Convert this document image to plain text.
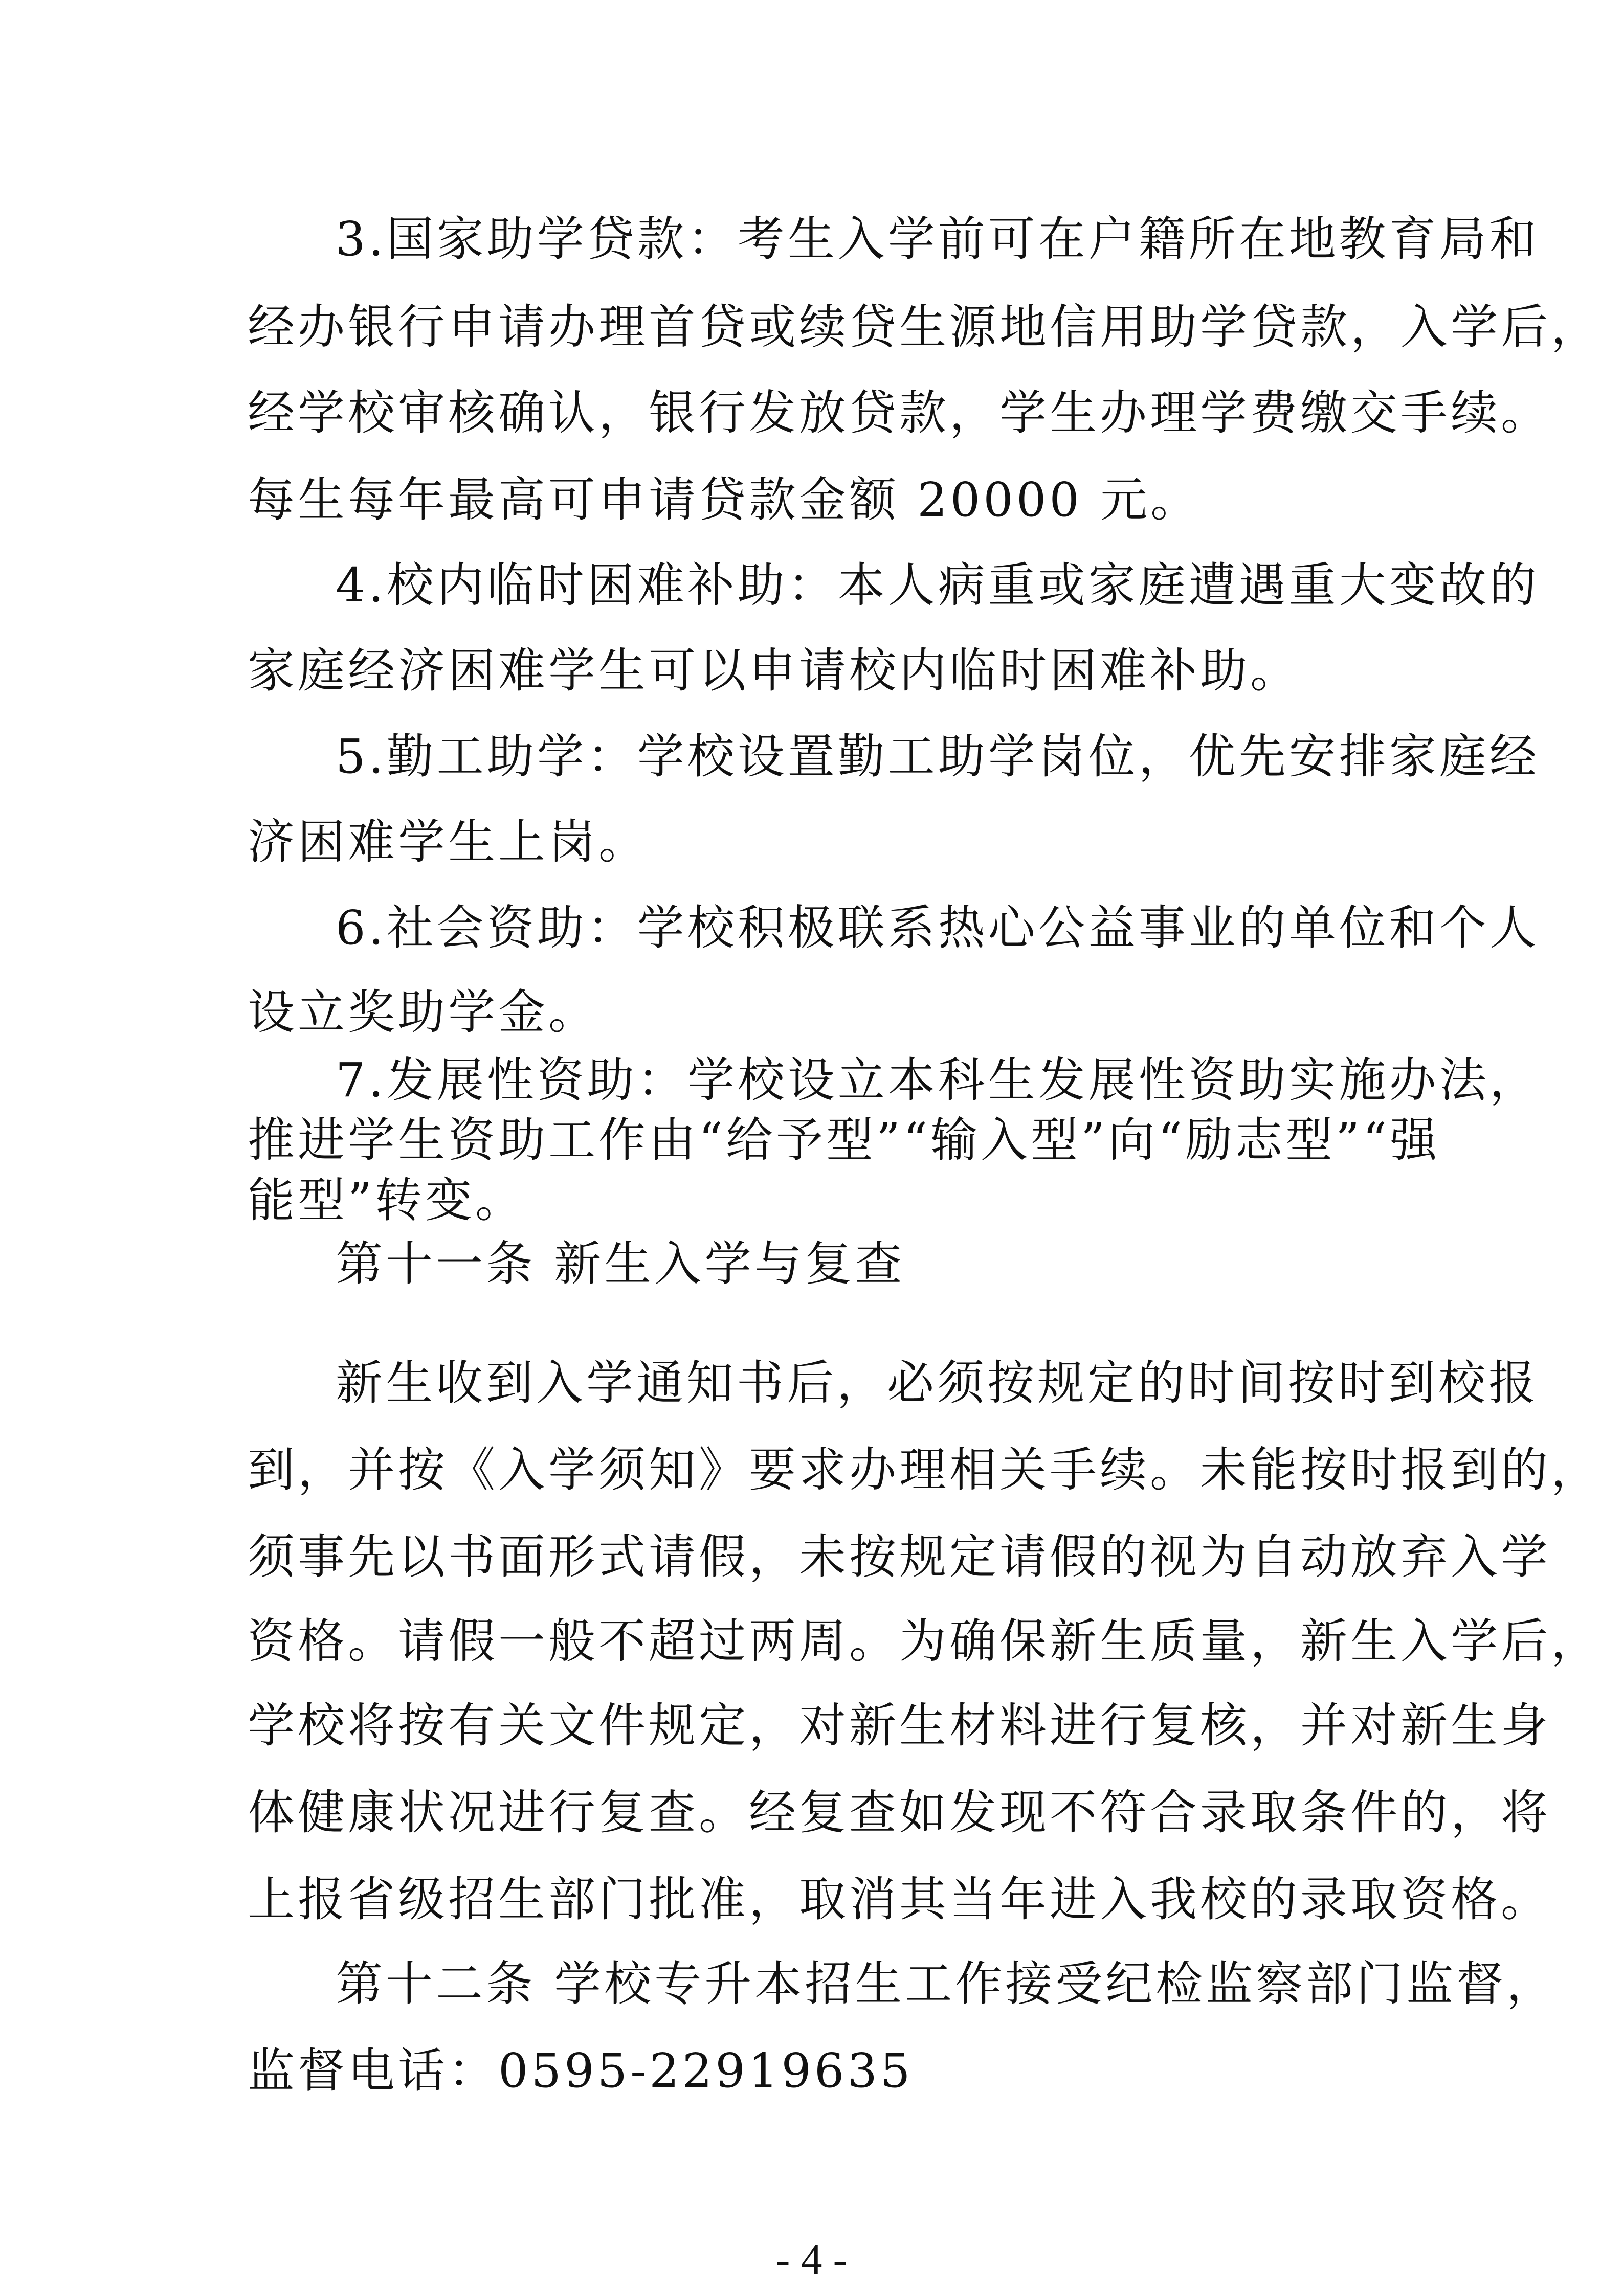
3.国家助学贷款：考生入学前可在户籍所在地教育局和
经办银行申请办理首贷或续贷生源地信用助学贷款，入学后，
经学校审核确认，银行发放贷款，学生办理学费缴交手续。
每生每年最高可申请贷款金额 20000 元。
4.校内临时困难补助：本人病重或家庭遭遇重大变故的
家庭经济困难学生可以申请校内临时困难补助。
5.勤工助学：学校设置勤工助学岗位，优先安排家庭经
济困难学生上岗。
6.社会资助：学校积极联系热心公益事业的单位和个人
设立奖助学金。
7.发展性资助：学校设立本科生发展性资助实施办法，
推进学生资助工作由“给予型”“输入型”向“励志型”“强
能型”转变。
第十一条 新生入学与复查
新生收到入学通知书后，必须按规定的时间按时到校报
到，并按《入学须知》要求办理相关手续。未能按时报到的，
须事先以书面形式请假，未按规定请假的视为自动放弃入学
资格。请假一般不超过两周。为确保新生质量，新生入学后，
学校将按有关文件规定，对新生材料进行复核，并对新生身
体健康状况进行复查。经复查如发现不符合录取条件的，将
上报省级招生部门批准，取消其当年进入我校的录取资格。
第十二条 学校专升本招生工作接受纪检监察部门监督，
监督电话：0595-22919635
- 4 -
